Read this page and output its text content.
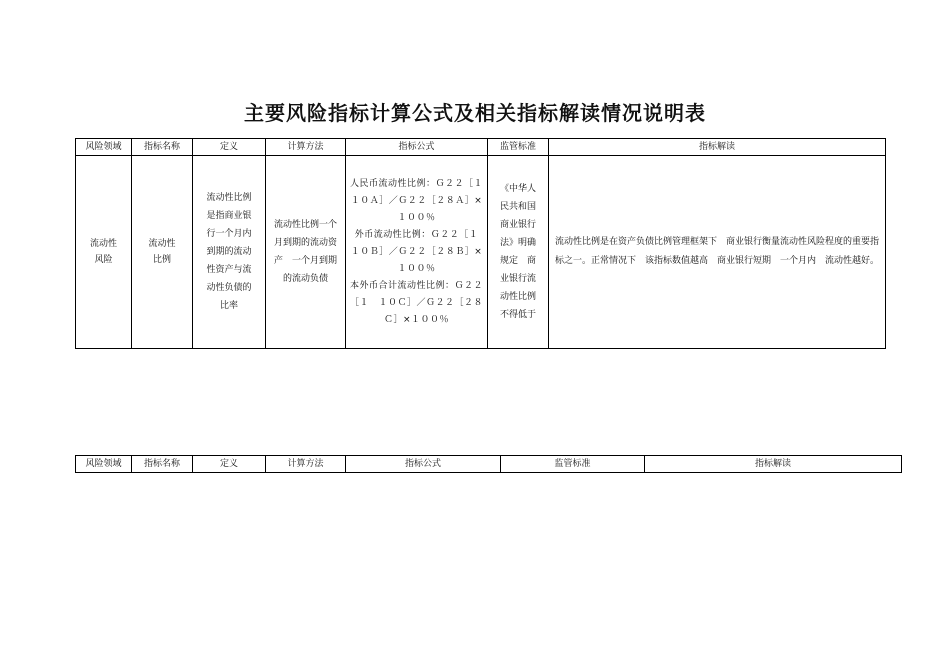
主要风险指标计算公式及相关指标解读情况说明表
风险领域	指标名称	定义	计算方法	指标公式	监管标准	指标解读

流动性风险	流动性比例	流动性比例是指商业银行一个月内到期的流动性资产与流动性负债的比率	流动性比例一个月到期的流动资产　一个月到期的流动负债	人民币流动性比例：Ｇ２２［１　１０Ａ］／Ｇ２２［２８Ａ］×１００％
外币流动性比例：Ｇ２２［１　１０Ｂ］／Ｇ２２［２８Ｂ］×１００％
本外币合计流动性比例：Ｇ２２［１　１０Ｃ］／Ｇ２２［２８Ｃ］×１００％	《中华人民共和国商业银行法》明确规定　商业银行流动性比例不得低于	流动性比例是在资产负债比例管理框架下　商业银行衡量流动性风险程度的重要指标之一。正常情况下　该指标数值越高　商业银行短期　一个月内　流动性越好。
风险领域	指标名称	定义	计算方法	指标公式	监管标准	指标解读
